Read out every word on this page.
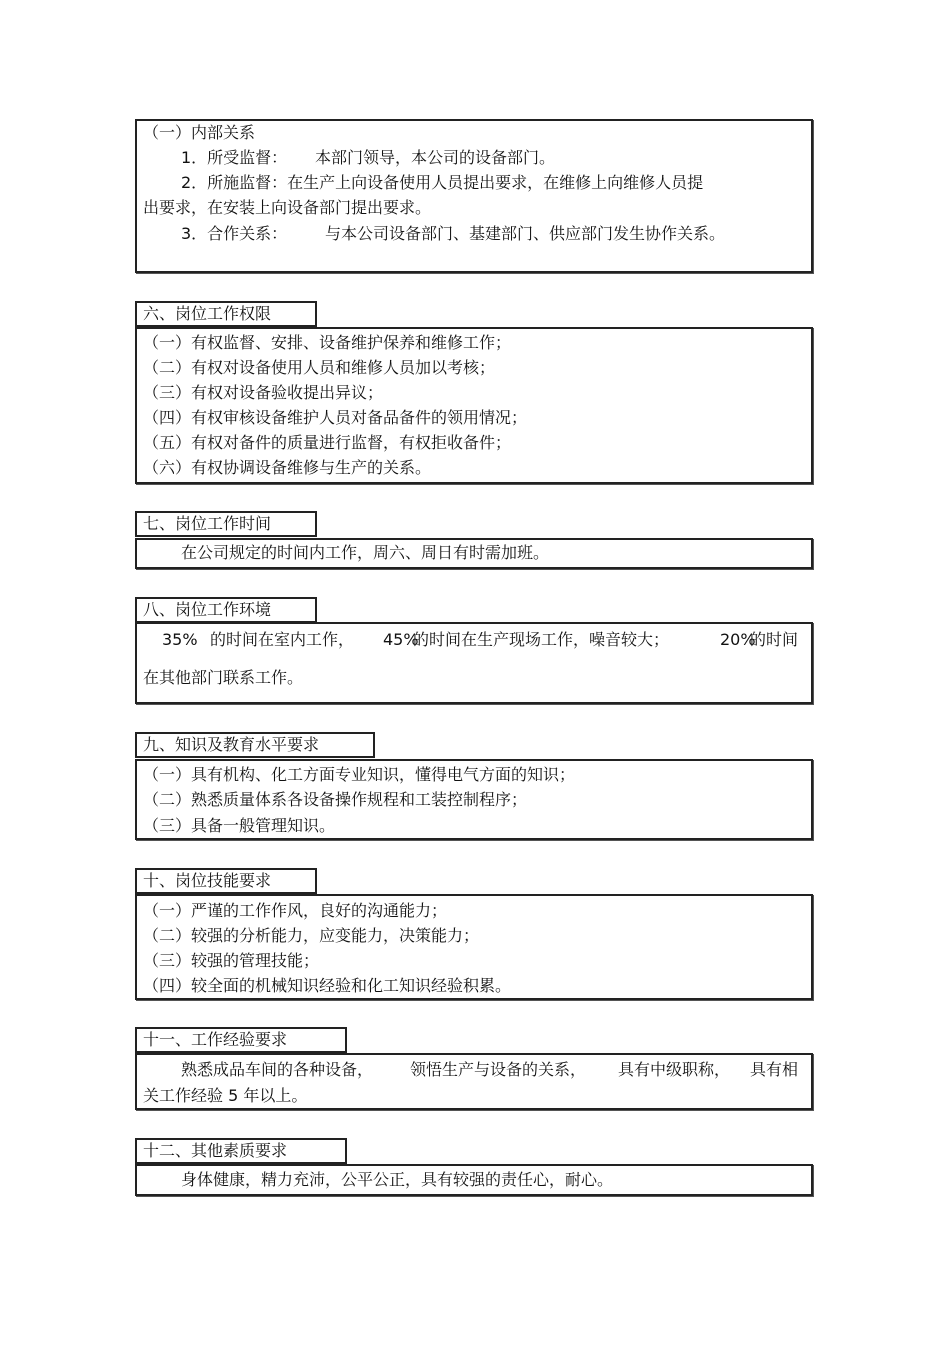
（一）内部关系
1．所受监督： 本部门领导，本公司的设备部门。
2．所施监督：在生产上向设备使用人员提出要求，在维修上向维修人员提
出要求，在安装上向设备部门提出要求。
3．合作关系： 与本公司设备部门、基建部门、供应部门发生协作关系。
六、岗位工作权限
（一）有权监督、安排、设备维护保养和维修工作；
（二）有权对设备使用人员和维修人员加以考核；
（三）有权对设备验收提出异议；
（四）有权审核设备维护人员对备品备件的领用情况；
（五）有权对备件的质量进行监督，有权拒收备件；
（六）有权协调设备维修与生产的关系。
七、岗位工作时间
在公司规定的时间内工作，周六、周日有时需加班。
八、岗位工作环境
35% 的时间在室内工作， 45%
的时间在生产现场工作，噪音较大；	20%
的时间
在其他部门联系工作。
九、知识及教育水平要求
（一）具有机构、化工方面专业知识，懂得电气方面的知识；
（二）熟悉质量体系各设备操作规程和工装控制程序；
（三）具备一般管理知识。
十、岗位技能要求
（一）严谨的工作作风，良好的沟通能力；
（二）较强的分析能力，应变能力，决策能力；
（三）较强的管理技能；
（四）较全面的机械知识经验和化工知识经验积累。
十一、工作经验要求
熟悉成品车间的各种设备， 领悟生产与设备的关系， 具有中级职称， 具有相
关工作经验 5 年以上。
十二、其他素质要求
身体健康，精力充沛，公平公正，具有较强的责任心，耐心。
